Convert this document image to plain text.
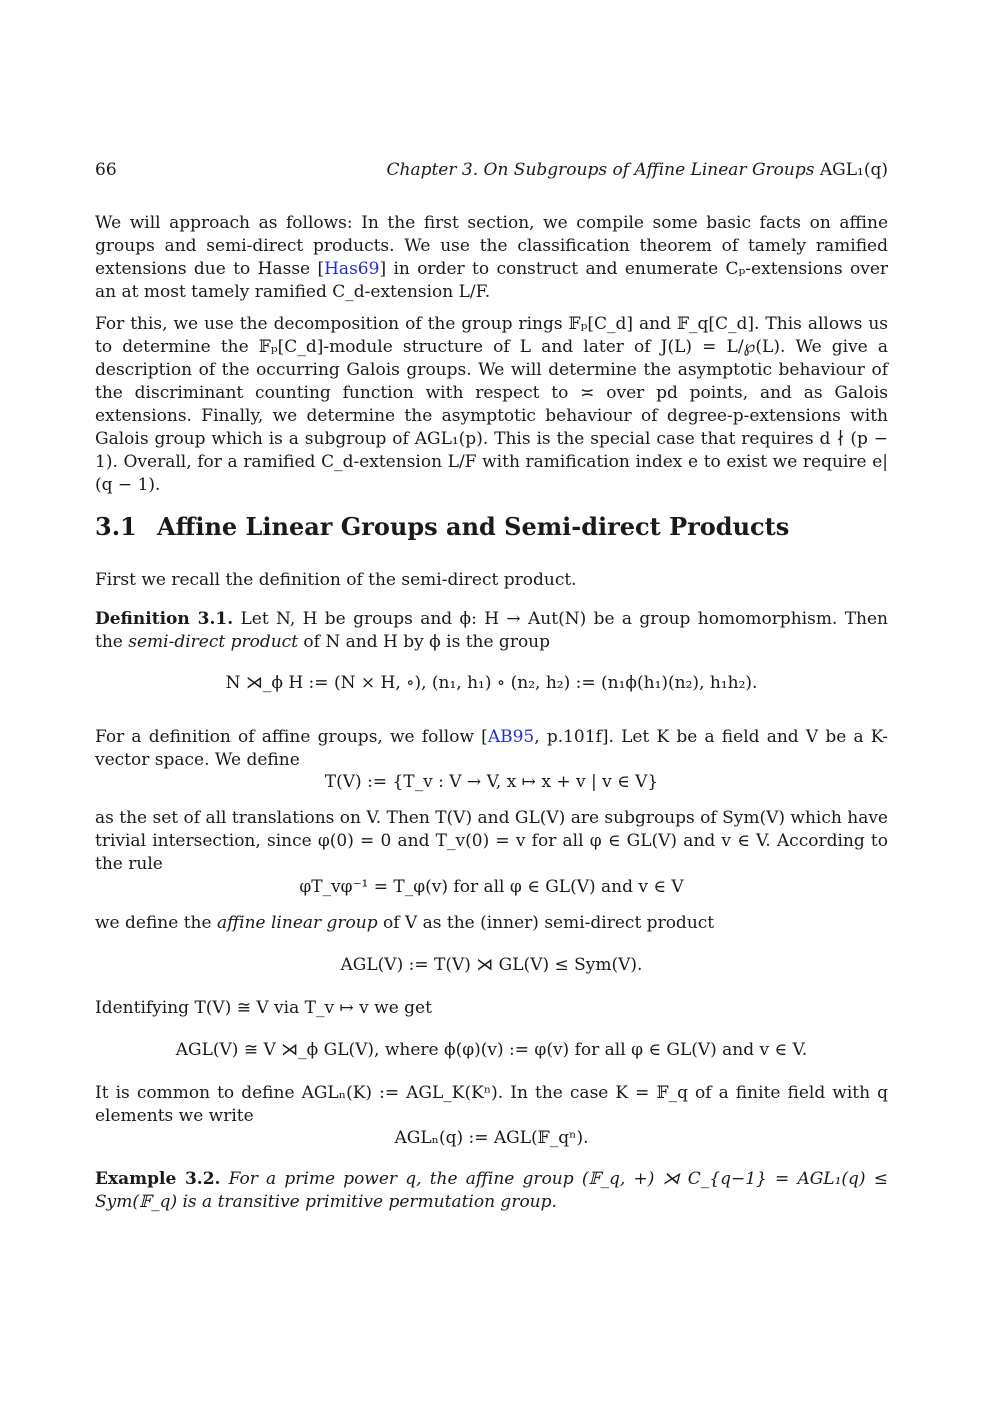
66	Chapter 3. On Subgroups of Affine Linear Groups AGL₁(q)
We will approach as follows: In the first section, we compile some basic facts on affine groups and semi-direct products. We use the classification theorem of tamely ramified extensions due to Hasse [Has69] in order to construct and enumerate Cₚ-extensions over an at most tamely ramified C_d-extension L/F.
For this, we use the decomposition of the group rings 𝔽ₚ[C_d] and 𝔽_q[C_d]. This allows us to determine the 𝔽ₚ[C_d]-module structure of L and later of J(L) = L/℘(L). We give a description of the occurring Galois groups. We will determine the asymptotic behaviour of the discriminant counting function with respect to ≍ over pd points, and as Galois extensions. Finally, we determine the asymptotic behaviour of degree-p-extensions with Galois group which is a subgroup of AGL₁(p). This is the special case that requires d ∤ (p − 1). Overall, for a ramified C_d-extension L/F with ramification index e to exist we require e|(q − 1).
3.1 Affine Linear Groups and Semi-direct Products
First we recall the definition of the semi-direct product.
Definition 3.1. Let N, H be groups and ϕ: H → Aut(N) be a group homomorphism. Then the semi-direct product of N and H by ϕ is the group
N ⋊_ϕ H := (N × H, ∘), (n₁, h₁) ∘ (n₂, h₂) := (n₁ϕ(h₁)(n₂), h₁h₂).
For a definition of affine groups, we follow [AB95, p.101f]. Let K be a field and V be a K-vector space. We define
T(V) := {T_v : V → V, x ↦ x + v | v ∈ V}
as the set of all translations on V. Then T(V) and GL(V) are subgroups of Sym(V) which have trivial intersection, since φ(0) = 0 and T_v(0) = v for all φ ∈ GL(V) and v ∈ V. According to the rule
φT_vφ⁻¹ = T_φ(v) for all φ ∈ GL(V) and v ∈ V
we define the affine linear group of V as the (inner) semi-direct product
AGL(V) := T(V) ⋊ GL(V) ≤ Sym(V).
Identifying T(V) ≅ V via T_v ↦ v we get
AGL(V) ≅ V ⋊_ϕ GL(V), where ϕ(φ)(v) := φ(v) for all φ ∈ GL(V) and v ∈ V.
It is common to define AGLₙ(K) := AGL_K(Kⁿ). In the case K = 𝔽_q of a finite field with q elements we write
AGLₙ(q) := AGL(𝔽_qⁿ).
Example 3.2. For a prime power q, the affine group (𝔽_q, +) ⋊ C_{q−1} = AGL₁(q) ≤ Sym(𝔽_q) is a transitive primitive permutation group.
